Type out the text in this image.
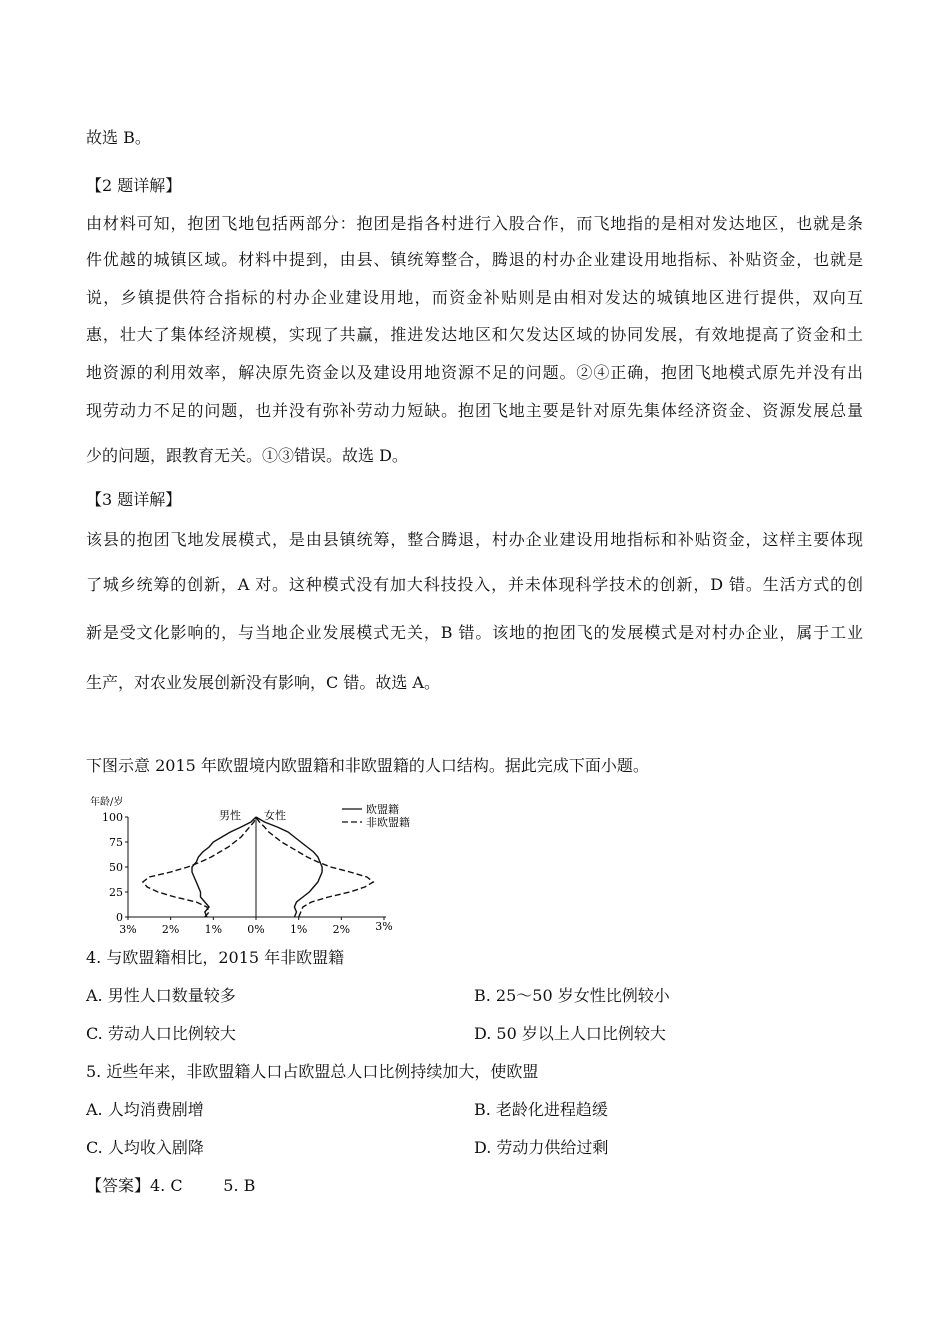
故选 B。
【2 题详解】
由材料可知，抱团飞地包括两部分：抱团是指各村进行入股合作，而飞地指的是相对发达地区，也就是条
件优越的城镇区域。材料中提到，由县、镇统筹整合，腾退的村办企业建设用地指标、补贴资金，也就是
说，乡镇提供符合指标的村办企业建设用地，而资金补贴则是由相对发达的城镇地区进行提供，双向互
惠，壮大了集体经济规模，实现了共赢，推进发达地区和欠发达区域的协同发展，有效地提高了资金和土
地资源的利用效率，解决原先资金以及建设用地资源不足的问题。②④正确，抱团飞地模式原先并没有出
现劳动力不足的问题，也并没有弥补劳动力短缺。抱团飞地主要是针对原先集体经济资金、资源发展总量
少的问题，跟教育无关。①③错误。故选 D。
【3 题详解】
该县的抱团飞地发展模式，是由县镇统筹，整合腾退，村办企业建设用地指标和补贴资金，这样主要体现
了城乡统筹的创新，A 对。这种模式没有加大科技投入，并未体现科学技术的创新，D 错。生活方式的创
新是受文化影响的，与当地企业发展模式无关，B 错。该地的抱团飞的发展模式是对村办企业，属于工业
生产，对农业发展创新没有影响，C 错。故选 A。
下图示意 2015 年欧盟境内欧盟籍和非欧盟籍的人口结构。据此完成下面小题。
年龄/岁
男性 女性	欧盟籍
非欧盟籍
100
75
50
25
0
3% 2% 1% 0% 1% 2% 3%
4. 与欧盟籍相比，2015 年非欧盟籍
A. 男性人口数量较多	B. 25～50 岁女性比例较小
C. 劳动人口比例较大	D. 50 岁以上人口比例较大
5. 近些年来，非欧盟籍人口占欧盟总人口比例持续加大，使欧盟
A. 人均消费剧增	B. 老龄化进程趋缓
C. 人均收入剧降	D. 劳动力供给过剩
【答案】4. C        5. B
